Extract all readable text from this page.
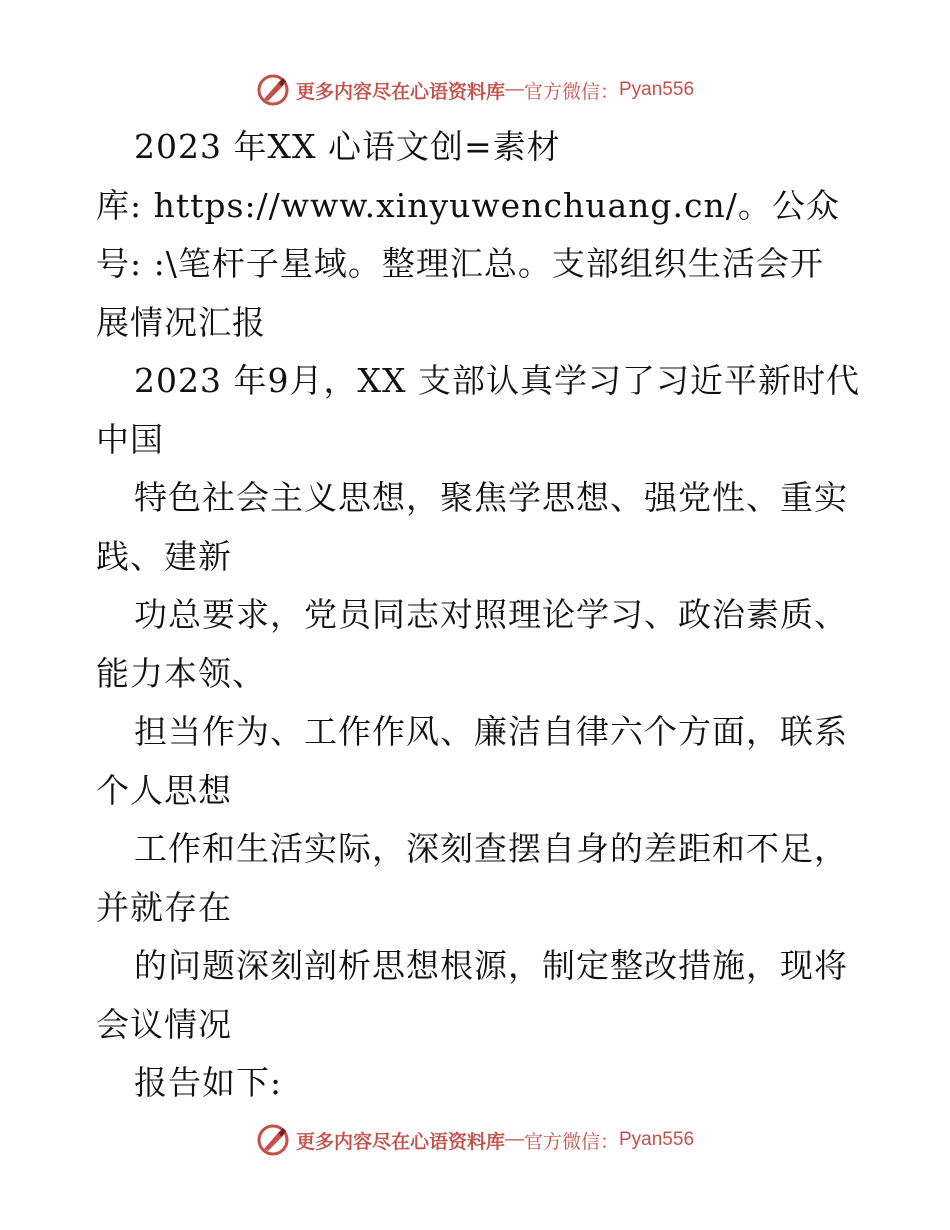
更多内容尽在心语资料库 — 官方微信： Pyan556
2023 年XX 心语文创=素材
库: https://www.xinyuwenchuang.cn/。公众
号: :\笔杆子星域。整理汇总。支部组织生活会开
展情况汇报
2023 年9月，XX 支部认真学习了习近平新时代
中国
特色社会主义思想，聚焦学思想、强党性、重实
践、建新
功总要求，党员同志对照理论学习、政治素质、
能力本领、
担当作为、工作作风、廉洁自律六个方面，联系
个人思想
工作和生活实际，深刻查摆自身的差距和不足，
并就存在
的问题深刻剖析思想根源，制定整改措施，现将
会议情况
报告如下:
更多内容尽在心语资料库 — 官方微信： Pyan556
